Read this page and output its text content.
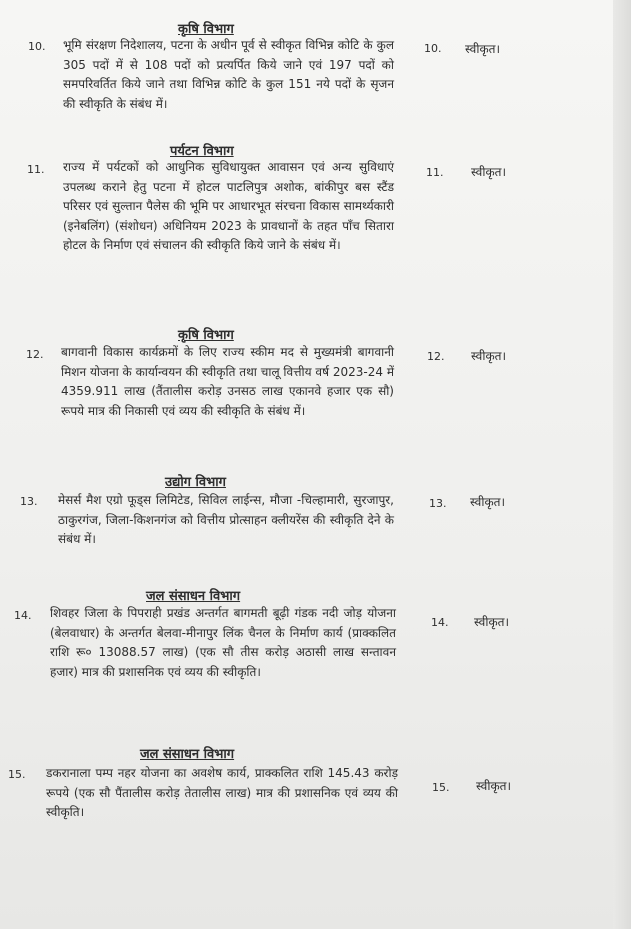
कृषि विभाग
10.	भूमि संरक्षण निदेशालय, पटना के अधीन पूर्व से स्वीकृत विभिन्न कोटि के कुल 305 पदों में से 108 पदों को प्रत्यर्पित किये जाने एवं 197 पदों को समपरिवर्तित किये जाने तथा विभिन्न कोटि के कुल 151 नये पदों के सृजन की स्वीकृति के संबंध में।
10. स्वीकृत।
पर्यटन विभाग
11.	राज्य में पर्यटकों को आधुनिक सुविधायुक्त आवासन एवं अन्य सुविधाएं उपलब्ध कराने हेतु पटना में होटल पाटलिपुत्र अशोक, बांकीपुर बस स्टैंड परिसर एवं सुल्तान पैलेस की भूमि पर आधारभूत संरचना विकास सामर्थ्यकारी (इनेबलिंग) (संशोधन) अधिनियम 2023 के प्रावधानों के तहत पाँच सितारा होटल के निर्माण एवं संचालन की स्वीकृति किये जाने के संबंध में।
11. स्वीकृत।
कृषि विभाग
12.	बागवानी विकास कार्यक्रमों के लिए राज्य स्कीम मद से मुख्यमंत्री बागवानी मिशन योजना के कार्यान्वयन की स्वीकृति तथा चालू वित्तीय वर्ष 2023-24 में 4359.911 लाख (तैंतालीस करोड़ उनसठ लाख एकानवे हजार एक सौ) रूपये मात्र की निकासी एवं व्यय की स्वीकृति के संबंध में।
12. स्वीकृत।
उद्योग विभाग
13.	मेसर्स मैश एग्रो फूड्स लिमिटेड, सिविल लाईन्स, मौजा -चिल्हामारी, सुरजापुर, ठाकुरगंज, जिला-किशनगंज को वित्तीय प्रोत्साहन क्लीयरेंस की स्वीकृति देने के संबंध में।
13. स्वीकृत।
जल संसाधन विभाग
14.	शिवहर जिला के पिपराही प्रखंड अन्तर्गत बागमती बूढ़ी गंडक नदी जोड़ योजना (बेलवाधार) के अन्तर्गत बेलवा-मीनापुर लिंक चैनल के निर्माण कार्य (प्राक्कलित राशि रू० 13088.57 लाख) (एक सौ तीस करोड़ अठासी लाख सन्तावन हजार) मात्र की प्रशासनिक एवं व्यय की स्वीकृति।
14. स्वीकृत।
जल संसाधन विभाग
15.	डकरानाला पम्प नहर योजना का अवशेष कार्य, प्राक्कलित राशि 145.43 करोड़ रूपये (एक सौ पैंतालीस करोड़ तेतालीस लाख) मात्र की प्रशासनिक एवं व्यय की स्वीकृति।
15. स्वीकृत।
